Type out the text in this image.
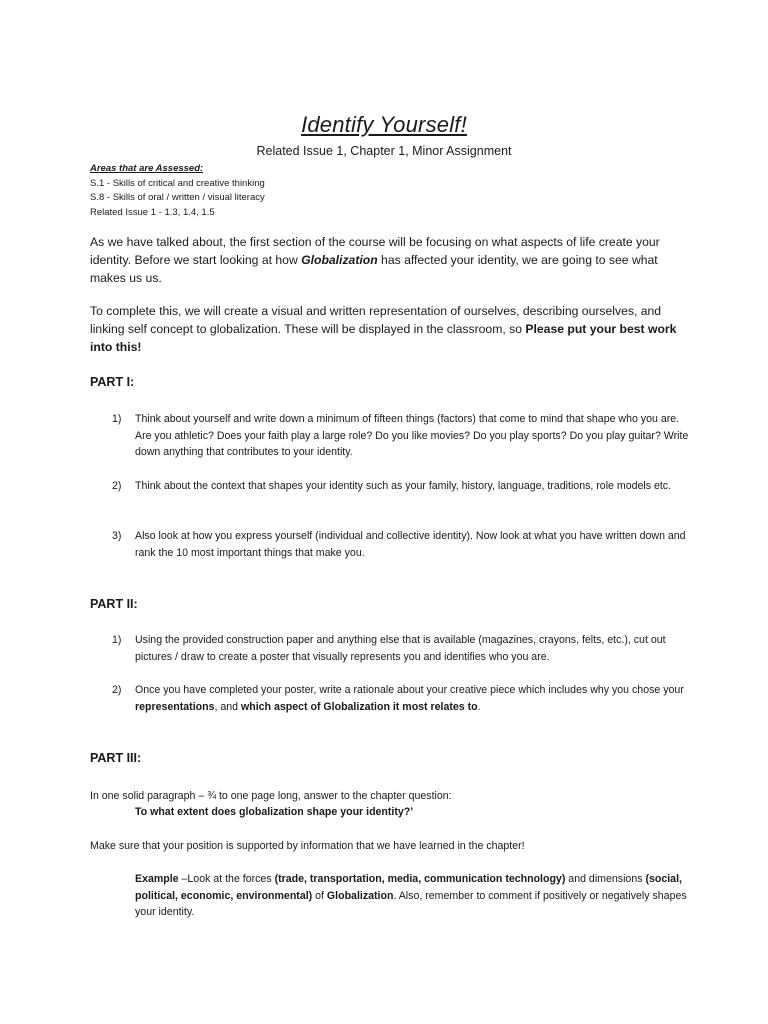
Identify Yourself!
Related Issue 1, Chapter 1, Minor Assignment
Areas that are Assessed:
S.1 - Skills of critical and creative thinking
S.8 - Skills of oral / written / visual literacy
Related Issue 1 - 1.3, 1.4, 1.5
As we have talked about, the first section of the course will be focusing on what aspects of life create your identity. Before we start looking at how Globalization has affected your identity, we are going to see what makes us us.
To complete this, we will create a visual and written representation of ourselves, describing ourselves, and linking self concept to globalization. These will be displayed in the classroom, so Please put your best work into this!
PART I:
1) Think about yourself and write down a minimum of fifteen things (factors) that come to mind that shape who you are. Are you athletic? Does your faith play a large role? Do you like movies? Do you play sports? Do you play guitar? Write down anything that contributes to your identity.
2) Think about the context that shapes your identity such as your family, history, language, traditions, role models etc.
3) Also look at how you express yourself (individual and collective identity). Now look at what you have written down and rank the 10 most important things that make you.
PART II:
1) Using the provided construction paper and anything else that is available (magazines, crayons, felts, etc.), cut out pictures / draw to create a poster that visually represents you and identifies who you are.
2) Once you have completed your poster, write a rationale about your creative piece which includes why you chose your representations, and which aspect of Globalization it most relates to.
PART III:
In one solid paragraph – ¾ to one page long, answer to the chapter question:
To what extent does globalization shape your identity?’
Make sure that your position is supported by information that we have learned in the chapter!
Example –Look at the forces (trade, transportation, media, communication technology) and dimensions (social, political, economic, environmental) of Globalization. Also, remember to comment if positively or negatively shapes your identity.
